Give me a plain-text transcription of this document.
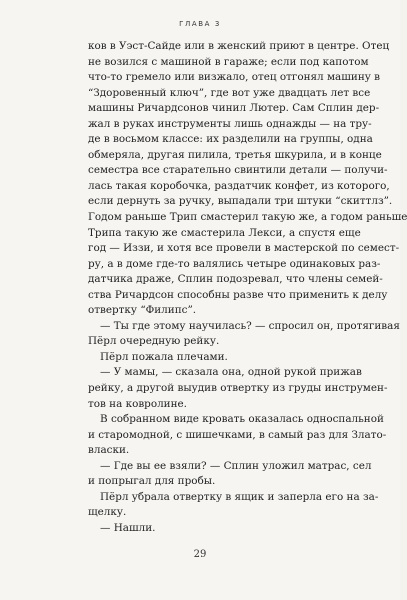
ГЛАВА 3
ков в Уэст-Сайде или в женский приют в центре. Отец
не возился с машиной в гараже; если под капотом
что-то гремело или визжало, отец отгонял машину в
“Здоровенный ключ”, где вот уже двадцать лет все
машины Ричардсонов чинил Лютер. Сам Сплин дер-
жал в руках инструменты лишь однажды — на тру-
де в восьмом классе: их разделили на группы, одна
обмеряла, другая пилила, третья шкурила, и в конце
семестра все старательно свинтили детали — получи-
лась такая коробочка, раздатчик конфет, из которого,
если дернуть за ручку, выпадали три штуки “скиттлз”.
Годом раньше Трип смастерил такую же, а годом раньше
Трипа такую же смастерила Лекси, а спустя еще
год — Иззи, и хотя все провели в мастерской по семест-
ру, а в доме где-то валялись четыре одинаковых раз-
датчика драже, Сплин подозревал, что члены семей-
ства Ричардсон способны разве что применить к делу
отвертку “Филипс”.
— Ты где этому научилась? — спросил он, протягивая
Пёрл очередную рейку.
Пёрл пожала плечами.
— У мамы, — сказала она, одной рукой прижав
рейку, а другой выудив отвертку из груды инструмен-
тов на ковролине.
В собранном виде кровать оказалась односпальной
и старомодной, с шишечками, в самый раз для Злато-
власки.
— Где вы ее взяли? — Сплин уложил матрас, сел
и попрыгал для пробы.
Пёрл убрала отвертку в ящик и заперла его на за-
щелку.
— Нашли.
29
